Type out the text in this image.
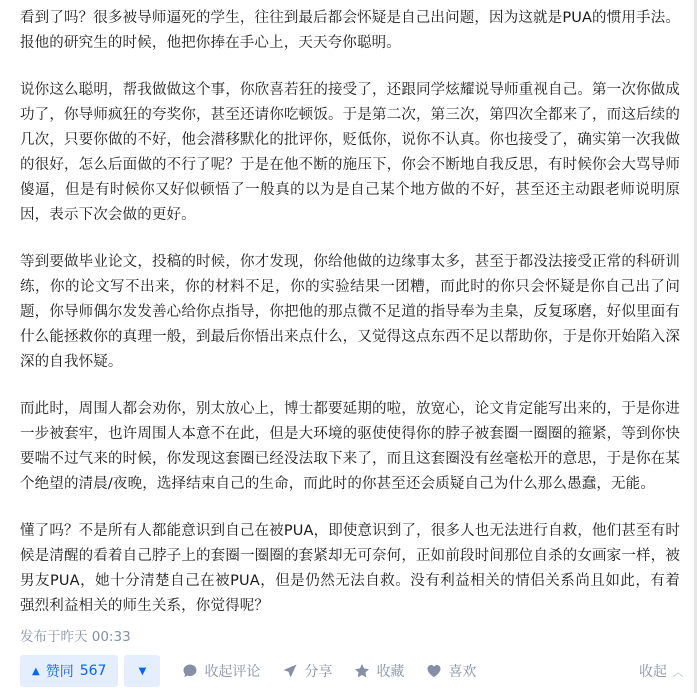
看到了吗？很多被导师逼死的学生，往往到最后都会怀疑是自己出问题，因为这就是PUA的惯用手法。报他的研究生的时候，他把你捧在手心上，天天夸你聪明。

说你这么聪明，帮我做做这个事，你欣喜若狂的接受了，还跟同学炫耀说导师重视自己。第一次你做成功了，你导师疯狂的夸奖你，甚至还请你吃顿饭。于是第二次，第三次，第四次全都来了，而这后续的几次，只要你做的不好，他会潜移默化的批评你，贬低你，说你不认真。你也接受了，确实第一次我做的很好，怎么后面做的不行了呢？于是在他不断的施压下，你会不断地自我反思，有时候你会大骂导师傻逼，但是有时候你又好似顿悟了一般真的以为是自己某个地方做的不好，甚至还主动跟老师说明原因，表示下次会做的更好。

等到要做毕业论文，投稿的时候，你才发现，你给他做的边缘事太多，甚至于都没法接受正常的科研训练，你的论文写不出来，你的材料不足，你的实验结果一团糟，而此时的你只会怀疑是你自己出了问题，你导师偶尔发发善心给你点指导，你把他的那点微不足道的指导奉为圭臬，反复琢磨，好似里面有什么能拯救你的真理一般，到最后你悟出来点什么，又觉得这点东西不足以帮助你，于是你开始陷入深深的自我怀疑。

而此时，周围人都会劝你，别太放心上，博士都要延期的啦，放宽心，论文肯定能写出来的，于是你进一步被套牢，也许周围人本意不在此，但是大环境的驱使使得你的脖子被套圈一圈圈的箍紧，等到你快要喘不过气来的时候，你发现这套圈已经没法取下来了，而且这套圈没有丝毫松开的意思，于是你在某个绝望的清晨/夜晚，选择结束自己的生命，而此时的你甚至还会质疑自己为什么那么愚蠢，无能。

懂了吗？不是所有人都能意识到自己在被PUA，即使意识到了，很多人也无法进行自救，他们甚至有时候是清醒的看着自己脖子上的套圈一圈圈的套紧却无可奈何，正如前段时间那位自杀的女画家一样，被男友PUA，她十分清楚自己在被PUA，但是仍然无法自救。没有利益相关的情侣关系尚且如此，有着强烈利益相关的师生关系，你觉得呢？

发布于昨天 00:33
▲ 赞同 567	▼	收起评论	分享	收藏	喜欢	收起 ︿
